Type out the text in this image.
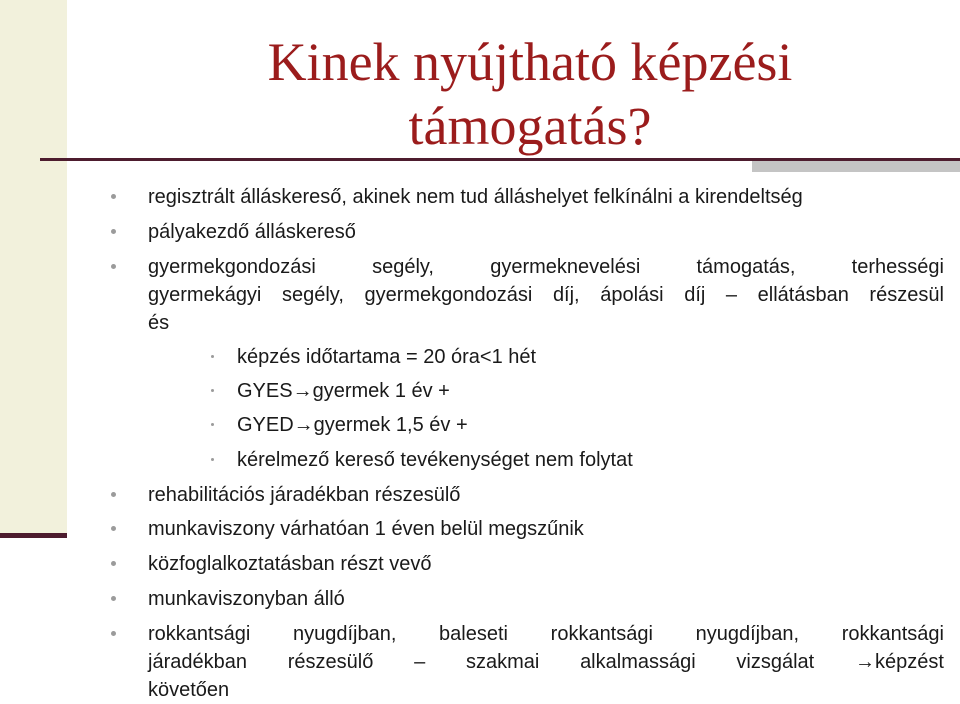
Kinek nyújtható képzési
támogatás?
regisztrált álláskereső, akinek nem tud álláshelyet felkínálni a kirendeltség
pályakezdő álláskereső
gyermekgondozási	segély,	gyermeknevelési	támogatás,	terhességi
gyermekágyi segély, gyermekgondozási díj, ápolási díj – ellátásban részesül
és
képzés időtartama = 20 óra<1 hét
GYES→gyermek 1 év +
GYED→gyermek 1,5 év +
kérelmező kereső tevékenységet nem folytat
rehabilitációs járadékban részesülő
munkaviszony várhatóan 1 éven belül megszűnik
közfoglalkoztatásban részt vevő
munkaviszonyban álló
rokkantsági nyugdíjban, baleseti rokkantsági nyugdíjban, rokkantsági
járadékban részesülő – szakmai alkalmassági vizsgálat →képzést
követően
